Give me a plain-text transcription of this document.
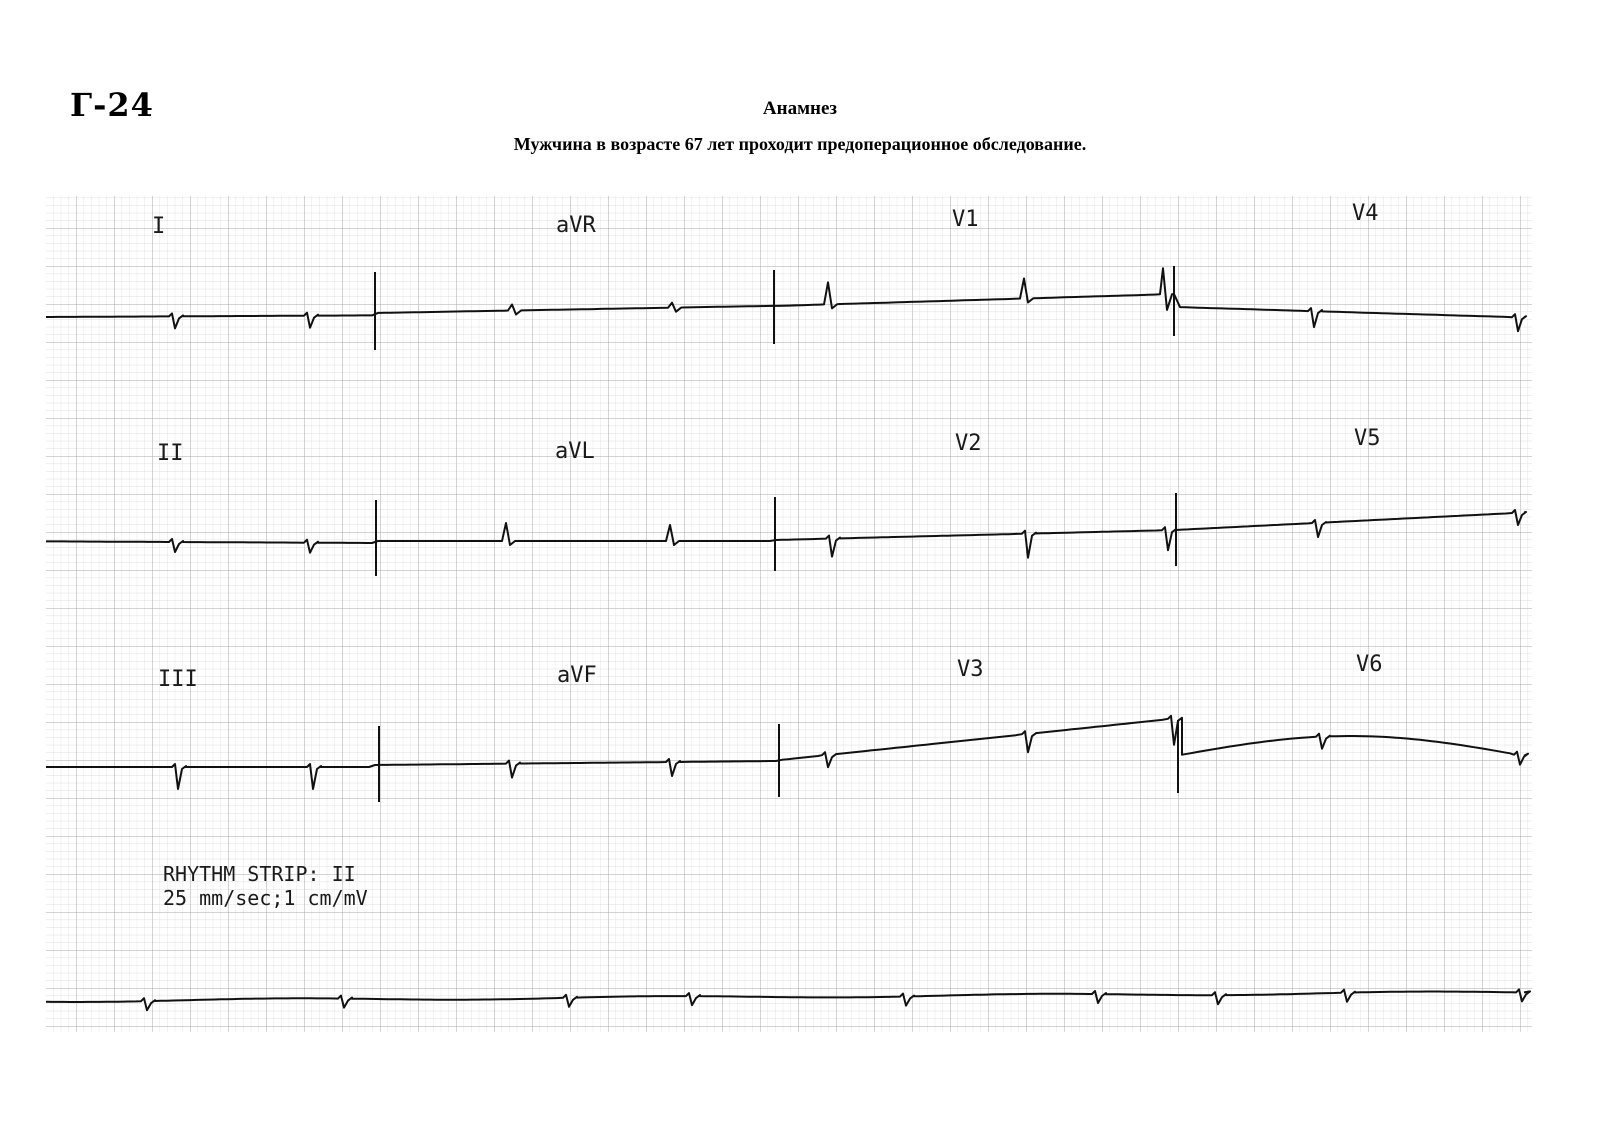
Г-24	Анамнез
Мужчина в возрасте 67 лет проходит предоперационное обследование.
I	aVR	V1	V4
II	aVL	V2	V5
III	aVF	V3	V6
RHYTHM STRIP: II
25 mm/sec;1 cm/mV
